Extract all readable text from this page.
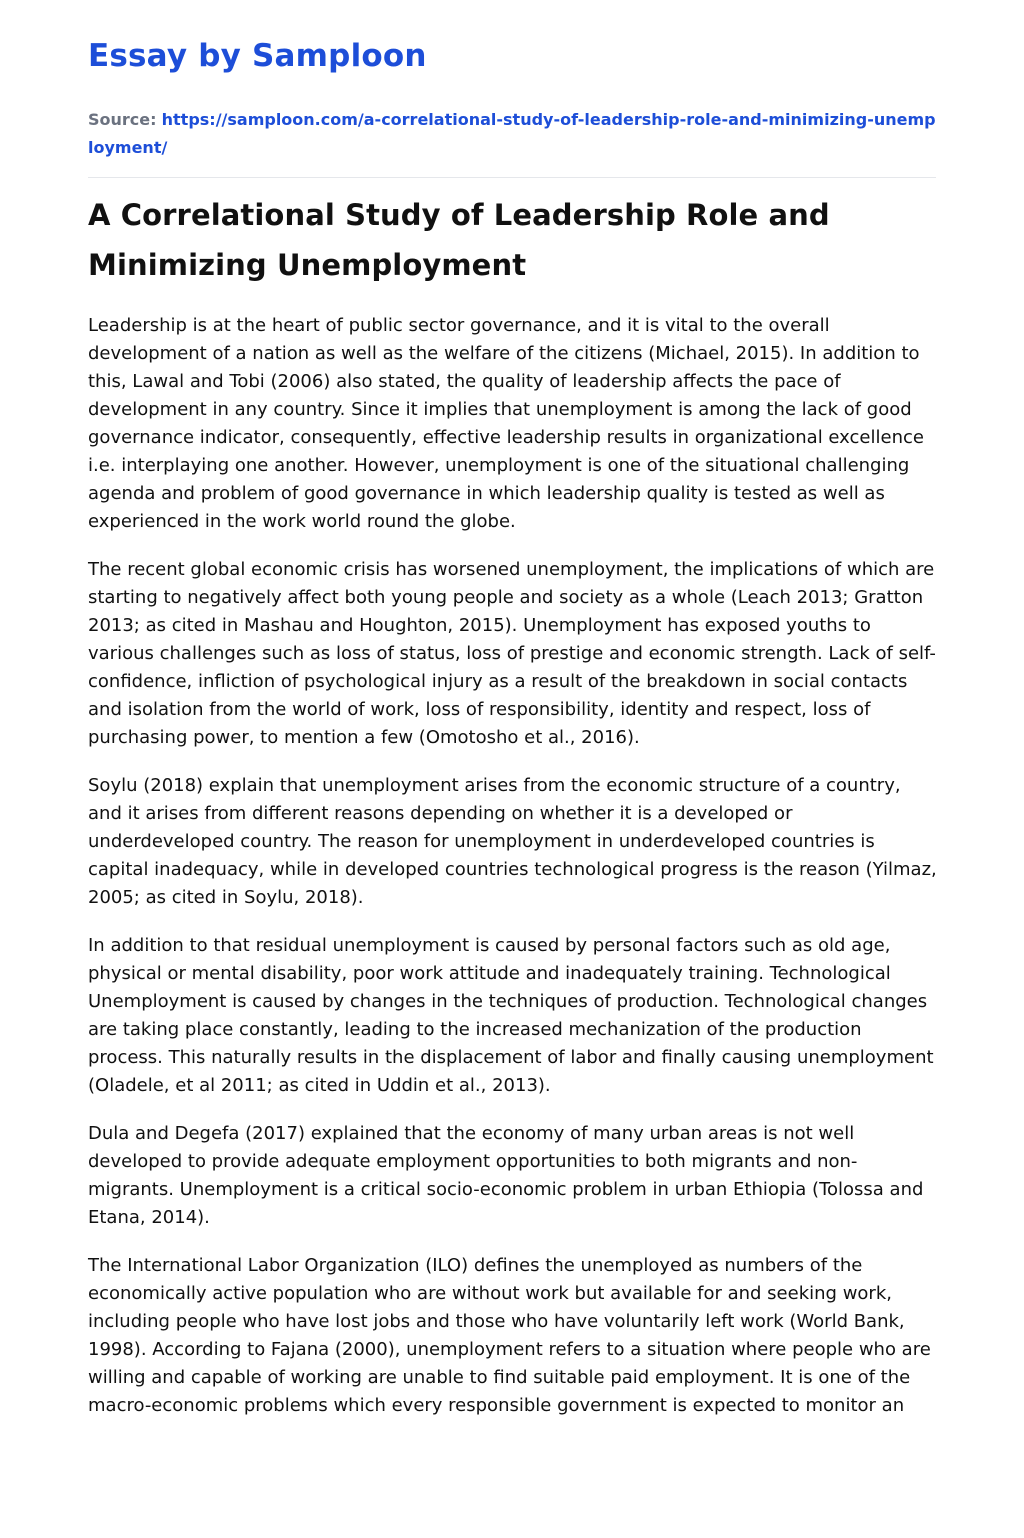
Essay by Samploon
Source: https://samploon.com/a-correlational-study-of-leadership-role-and-minimizing-unemployment/
A Correlational Study of Leadership Role and Minimizing Unemployment

Leadership is at the heart of public sector governance, and it is vital to the overall development of a nation as well as the welfare of the citizens (Michael, 2015). In addition to this, Lawal and Tobi (2006) also stated, the quality of leadership affects the pace of development in any country. Since it implies that unemployment is among the lack of good governance indicator, consequently, effective leadership results in organizational excellence i.e. interplaying one another. However, unemployment is one of the situational challenging agenda and problem of good governance in which leadership quality is tested as well as experienced in the work world round the globe.

The recent global economic crisis has worsened unemployment, the implications of which are starting to negatively affect both young people and society as a whole (Leach 2013; Gratton 2013; as cited in Mashau and Houghton, 2015). Unemployment has exposed youths to various challenges such as loss of status, loss of prestige and economic strength. Lack of self-confidence, infliction of psychological injury as a result of the breakdown in social contacts and isolation from the world of work, loss of responsibility, identity and respect, loss of purchasing power, to mention a few (Omotosho et al., 2016).

Soylu (2018) explain that unemployment arises from the economic structure of a country, and it arises from different reasons depending on whether it is a developed or underdeveloped country. The reason for unemployment in underdeveloped countries is capital inadequacy, while in developed countries technological progress is the reason (Yilmaz, 2005; as cited in Soylu, 2018).

In addition to that residual unemployment is caused by personal factors such as old age, physical or mental disability, poor work attitude and inadequately training. Technological Unemployment is caused by changes in the techniques of production. Technological changes are taking place constantly, leading to the increased mechanization of the production process. This naturally results in the displacement of labor and finally causing unemployment (Oladele, et al 2011; as cited in Uddin et al., 2013).

Dula and Degefa (2017) explained that the economy of many urban areas is not well developed to provide adequate employment opportunities to both migrants and non-migrants. Unemployment is a critical socio-economic problem in urban Ethiopia (Tolossa and Etana, 2014).

The International Labor Organization (ILO) defines the unemployed as numbers of the economically active population who are without work but available for and seeking work, including people who have lost jobs and those who have voluntarily left work (World Bank, 1998). According to Fajana (2000), unemployment refers to a situation where people who are willing and capable of working are unable to find suitable paid employment. It is one of the macro-economic problems which every responsible government is expected to monitor an
